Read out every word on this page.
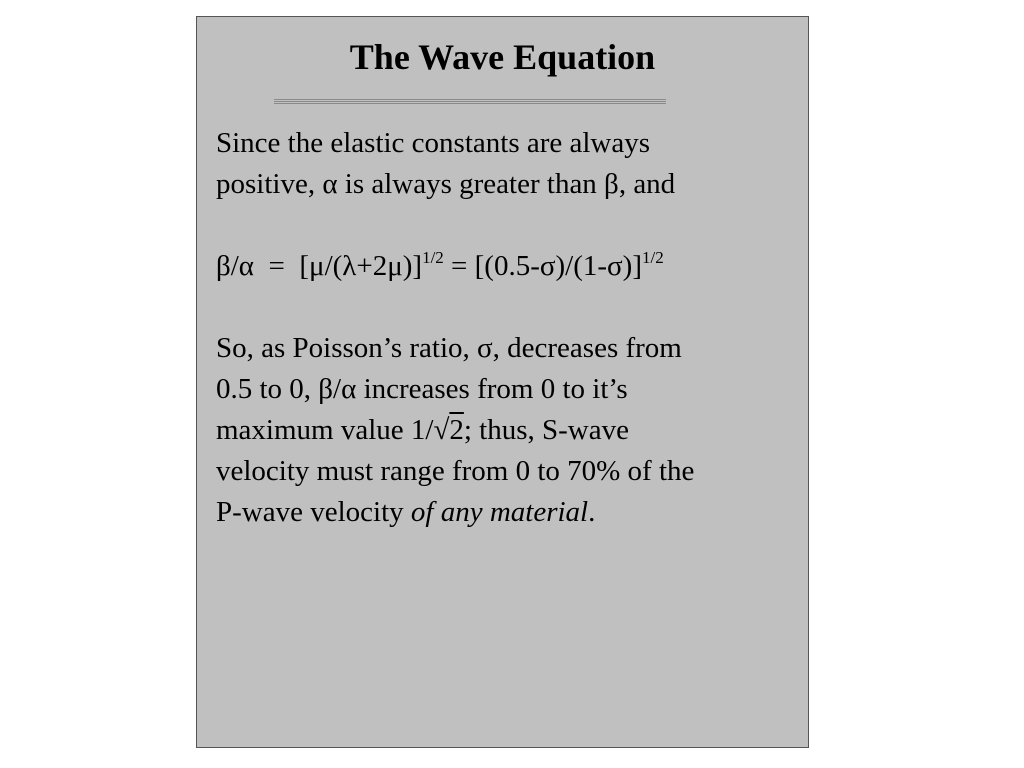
The Wave Equation

Since the elastic constants are always
positive, α is always greater than β, and

$\beta/\alpha = [\mu/(\lambda+2\mu)]^{1/2} = [(0.5-\sigma)/(1-\sigma)]^{1/2}$

So, as Poisson’s ratio, σ, decreases from
0.5 to 0, β/α increases from 0 to it’s
maximum value 1/√2; thus, S-wave
velocity must range from 0 to 70% of the
P-wave velocity of any material.
